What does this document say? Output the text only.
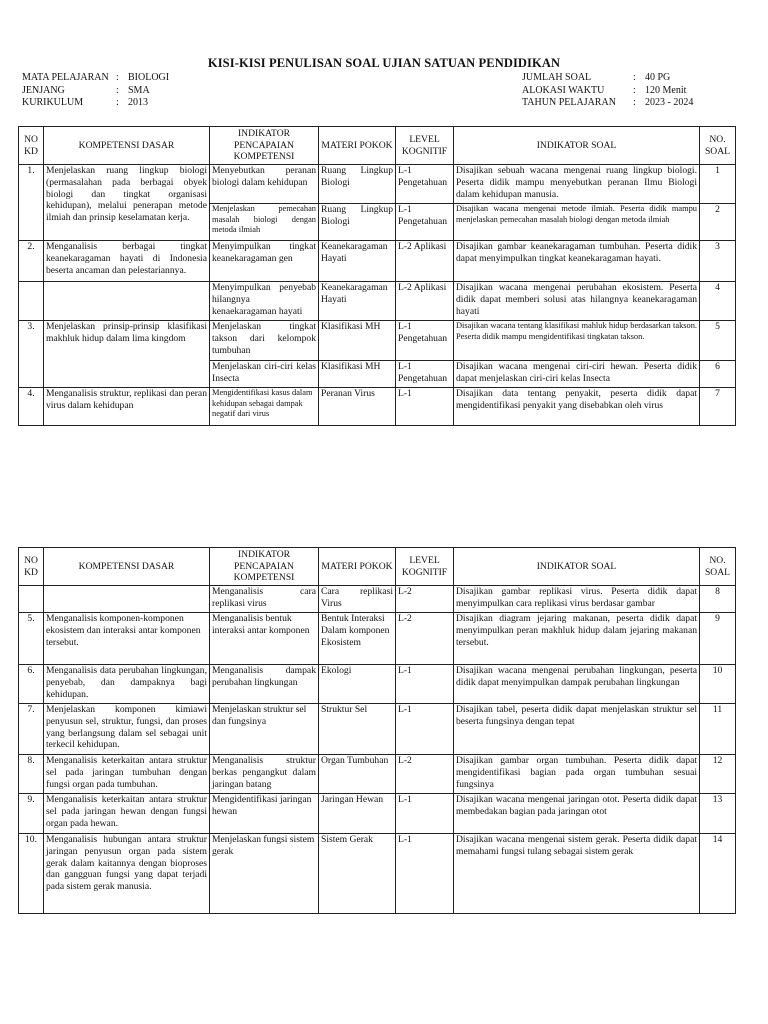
KISI-KISI PENULISAN SOAL UJIAN SATUAN PENDIDIKAN
MATA PELAJARAN : BIOLOGI
JENJANG	: SMA
KURIKULUM	: 2013
JUMLAH SOAL	: 40 PG
ALOKASI WAKTU	: 120 Menit
TAHUN PELAJARAN	: 2023 - 2024
NO KD	KOMPETENSI DASAR	INDIKATOR PENCAPAIAN KOMPETENSI	MATERI POKOK	LEVEL KOGNITIF	INDIKATOR SOAL	NO. SOAL
1.	Menjelaskan ruang lingkup biologi (permasalahan pada berbagai obyek biologi dan tingkat organisasi kehidupan), melalui penerapan metode ilmiah dan prinsip keselamatan kerja.	Menyebutkan peranan biologi dalam kehidupan	Ruang Lingkup Biologi	L-1 Pengetahuan	Disajikan sebuah wacana mengenai ruang lingkup biologi. Peserta didik mampu menyebutkan peranan Ilmu Biologi dalam kehidupan manusia.	1
		Menjelaskan pemecahan masalah biologi dengan metoda ilmiah	Ruang Lingkup Biologi	L-1 Pengetahuan	Disajikan wacana mengenai metode ilmiah. Peserta didik mampu menjelaskan pemecahan masalah biologi dengan metoda ilmiah	2
2.	Menganalisis berbagai tingkat keanekaragaman hayati di Indonesia beserta ancaman dan pelestariannya.	Menyimpulkan tingkat keanekaragaman gen	Keanekaragaman Hayati	L-2 Aplikasi	Disajikan gambar keanekaragaman tumbuhan. Peserta didik dapat menyimpulkan tingkat keanekaragaman hayati.	3
		Menyimpulkan penyebab hilangnya kenaekaragaman hayati	Keanekaragaman Hayati	L-2 Aplikasi	Disajikan wacana mengenai perubahan ekosistem. Peserta didik dapat memberi solusi atas hilangnya keanekaragaman hayati	4
3.	Menjelaskan prinsip-prinsip klasifikasi makhluk hidup dalam lima kingdom	Menjelaskan tingkat takson dari kelompok tumbuhan	Klasifikasi MH	L-1 Pengetahuan	Disajikan wacana tentang klasifikasi mahluk hidup berdasarkan takson. Peserta didik mampu mengidentifikasi tingkatan takson.	5
		Menjelaskan ciri-ciri kelas Insecta	Klasifikasi MH	L-1 Pengetahuan	Disajikan wacana mengenai ciri-ciri hewan. Peserta didik dapat menjelaskan ciri-ciri kelas Insecta	6
4.	Menganalisis struktur, replikasi dan peran virus dalam kehidupan	Mengidentifikasi kasus dalam kehidupan sebagai dampak negatif dari virus	Peranan Virus	L-1	Disajikan data tentang penyakit, peserta didik dapat mengidentifikasi penyakit yang disebabkan oleh virus	7
NO KD	KOMPETENSI DASAR	INDIKATOR PENCAPAIAN KOMPETENSI	MATERI POKOK	LEVEL KOGNITIF	INDIKATOR SOAL	NO. SOAL
		Menganalisis cara replikasi virus	Cara replikasi Virus	L-2	Disajikan gambar replikasi virus. Peserta didik dapat menyimpulkan cara replikasi virus berdasar gambar	8
5.	Menganalisis komponen-komponen ekosistem dan interaksi antar komponen tersebut.	Menganalisis bentuk interaksi antar komponen	Bentuk Interaksi Dalam komponen Ekosistem	L-2	Disajikan diagram jejaring makanan, peserta didik dapat menyimpulkan peran makhluk hidup dalam jejaring makanan tersebut.	9
6.	Menganalisis data perubahan lingkungan, penyebab, dan dampaknya bagi kehidupan.	Menganalisis dampak perubahan lingkungan	Ekologi	L-1	Disajikan wacana mengenai perubahan lingkungan, peserta didik dapat menyimpulkan dampak perubahan lingkungan	10
7.	Menjelaskan komponen kimiawi penyusun sel, struktur, fungsi, dan proses yang berlangsung dalam sel sebagai unit terkecil kehidupan.	Menjelaskan struktur sel dan fungsinya	Struktur Sel	L-1	Disajikan tabel, peserta didik dapat menjelaskan struktur sel beserta fungsinya dengan tepat	11
8.	Menganalisis keterkaitan antara struktur sel pada jaringan tumbuhan dengan fungsi organ pada tumbuhan.	Menganalisis struktur berkas pengangkut dalam jaringan batang	Organ Tumbuhan	L-2	Disajikan gambar organ tumbuhan. Peserta didik dapat mengidentifikasi bagian pada organ tumbuhan sesuai fungsinya	12
9.	Menganalisis keterkaitan antara struktur sel pada jaringan hewan dengan fungsi organ pada hewan.	Mengidentifikasi jaringan hewan	Jaringan Hewan	L-1	Disajikan wacana mengenai jaringan otot. Peserta didik dapat membedakan bagian pada jaringan otot	13
10.	Menganalisis hubungan antara struktur jaringan penyusun organ pada sistem gerak dalam kaitannya dengan bioproses dan gangguan fungsi yang dapat terjadi pada sistem gerak manusia.	Menjelaskan fungsi sistem gerak	Sistem Gerak	L-1	Disajikan wacana mengenai sistem gerak. Peserta didik dapat memahami fungsi tulang sebagai sistem gerak	14
